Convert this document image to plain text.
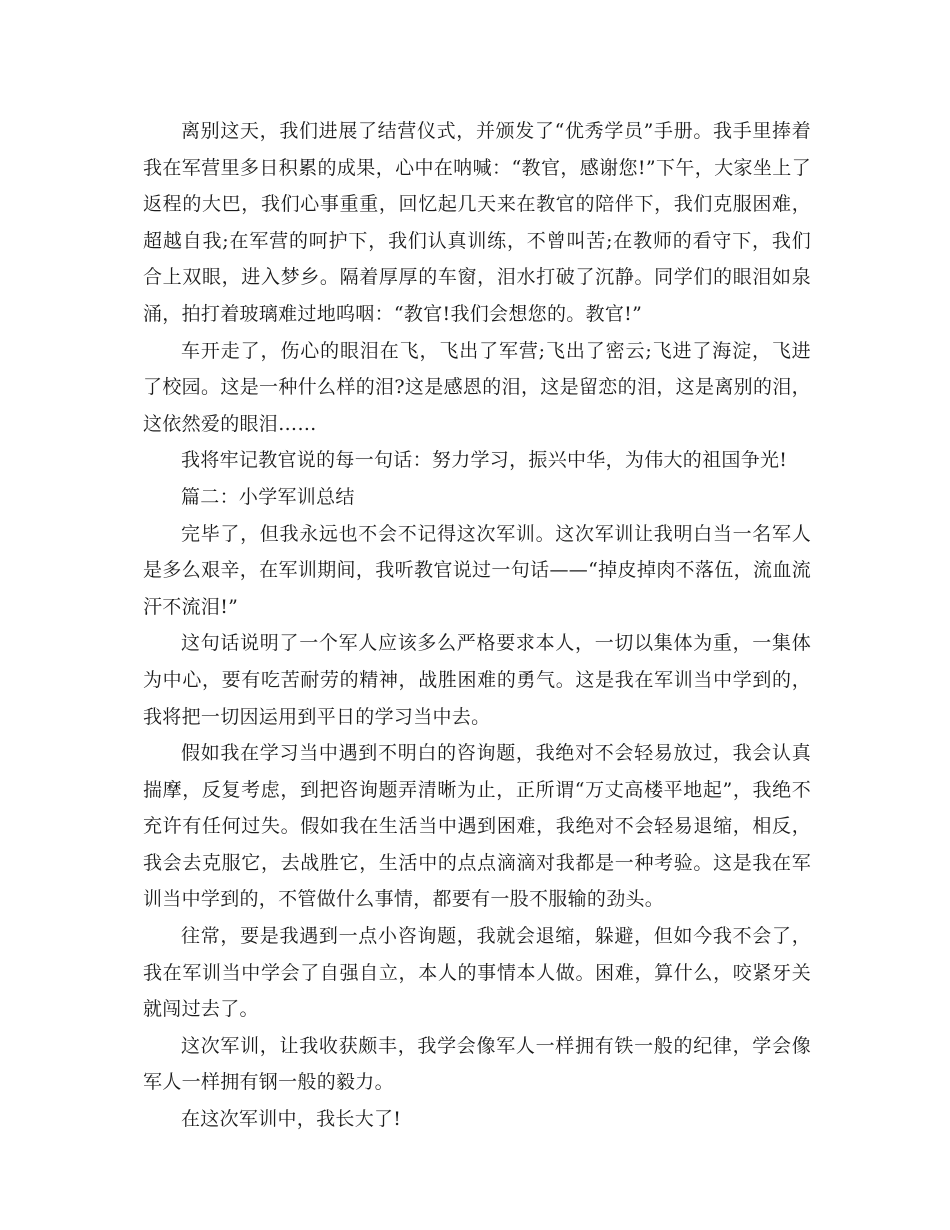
离别这天，我们进展了结营仪式，并颁发了“优秀学员”手册。我手里捧着我在军营里多日积累的成果，心中在呐喊：“教官，感谢您!”下午，大家坐上了返程的大巴，我们心事重重，回忆起几天来在教官的陪伴下，我们克服困难，超越自我;在军营的呵护下，我们认真训练，不曾叫苦;在教师的看守下，我们合上双眼，进入梦乡。隔着厚厚的车窗，泪水打破了沉静。同学们的眼泪如泉涌，拍打着玻璃难过地呜咽：“教官!我们会想您的。教官!”

车开走了，伤心的眼泪在飞，飞出了军营;飞出了密云;飞进了海淀，飞进了校园。这是一种什么样的泪?这是感恩的泪，这是留恋的泪，这是离别的泪，这依然爱的眼泪……

我将牢记教官说的每一句话：努力学习，振兴中华，为伟大的祖国争光!

篇二：小学军训总结

完毕了，但我永远也不会不记得这次军训。这次军训让我明白当一名军人是多么艰辛，在军训期间，我听教官说过一句话——“掉皮掉肉不落伍，流血流汗不流泪!”

这句话说明了一个军人应该多么严格要求本人，一切以集体为重，一集体为中心，要有吃苦耐劳的精神，战胜困难的勇气。这是我在军训当中学到的，我将把一切因运用到平日的学习当中去。

假如我在学习当中遇到不明白的咨询题，我绝对不会轻易放过，我会认真揣摩，反复考虑，到把咨询题弄清晰为止，正所谓“万丈高楼平地起”，我绝不充许有任何过失。假如我在生活当中遇到困难，我绝对不会轻易退缩，相反，我会去克服它，去战胜它，生活中的点点滴滴对我都是一种考验。这是我在军训当中学到的，不管做什么事情，都要有一股不服输的劲头。

往常，要是我遇到一点小咨询题，我就会退缩，躲避，但如今我不会了，我在军训当中学会了自强自立，本人的事情本人做。困难，算什么，咬紧牙关就闯过去了。

这次军训，让我收获颇丰，我学会像军人一样拥有铁一般的纪律，学会像军人一样拥有钢一般的毅力。

在这次军训中，我长大了!
